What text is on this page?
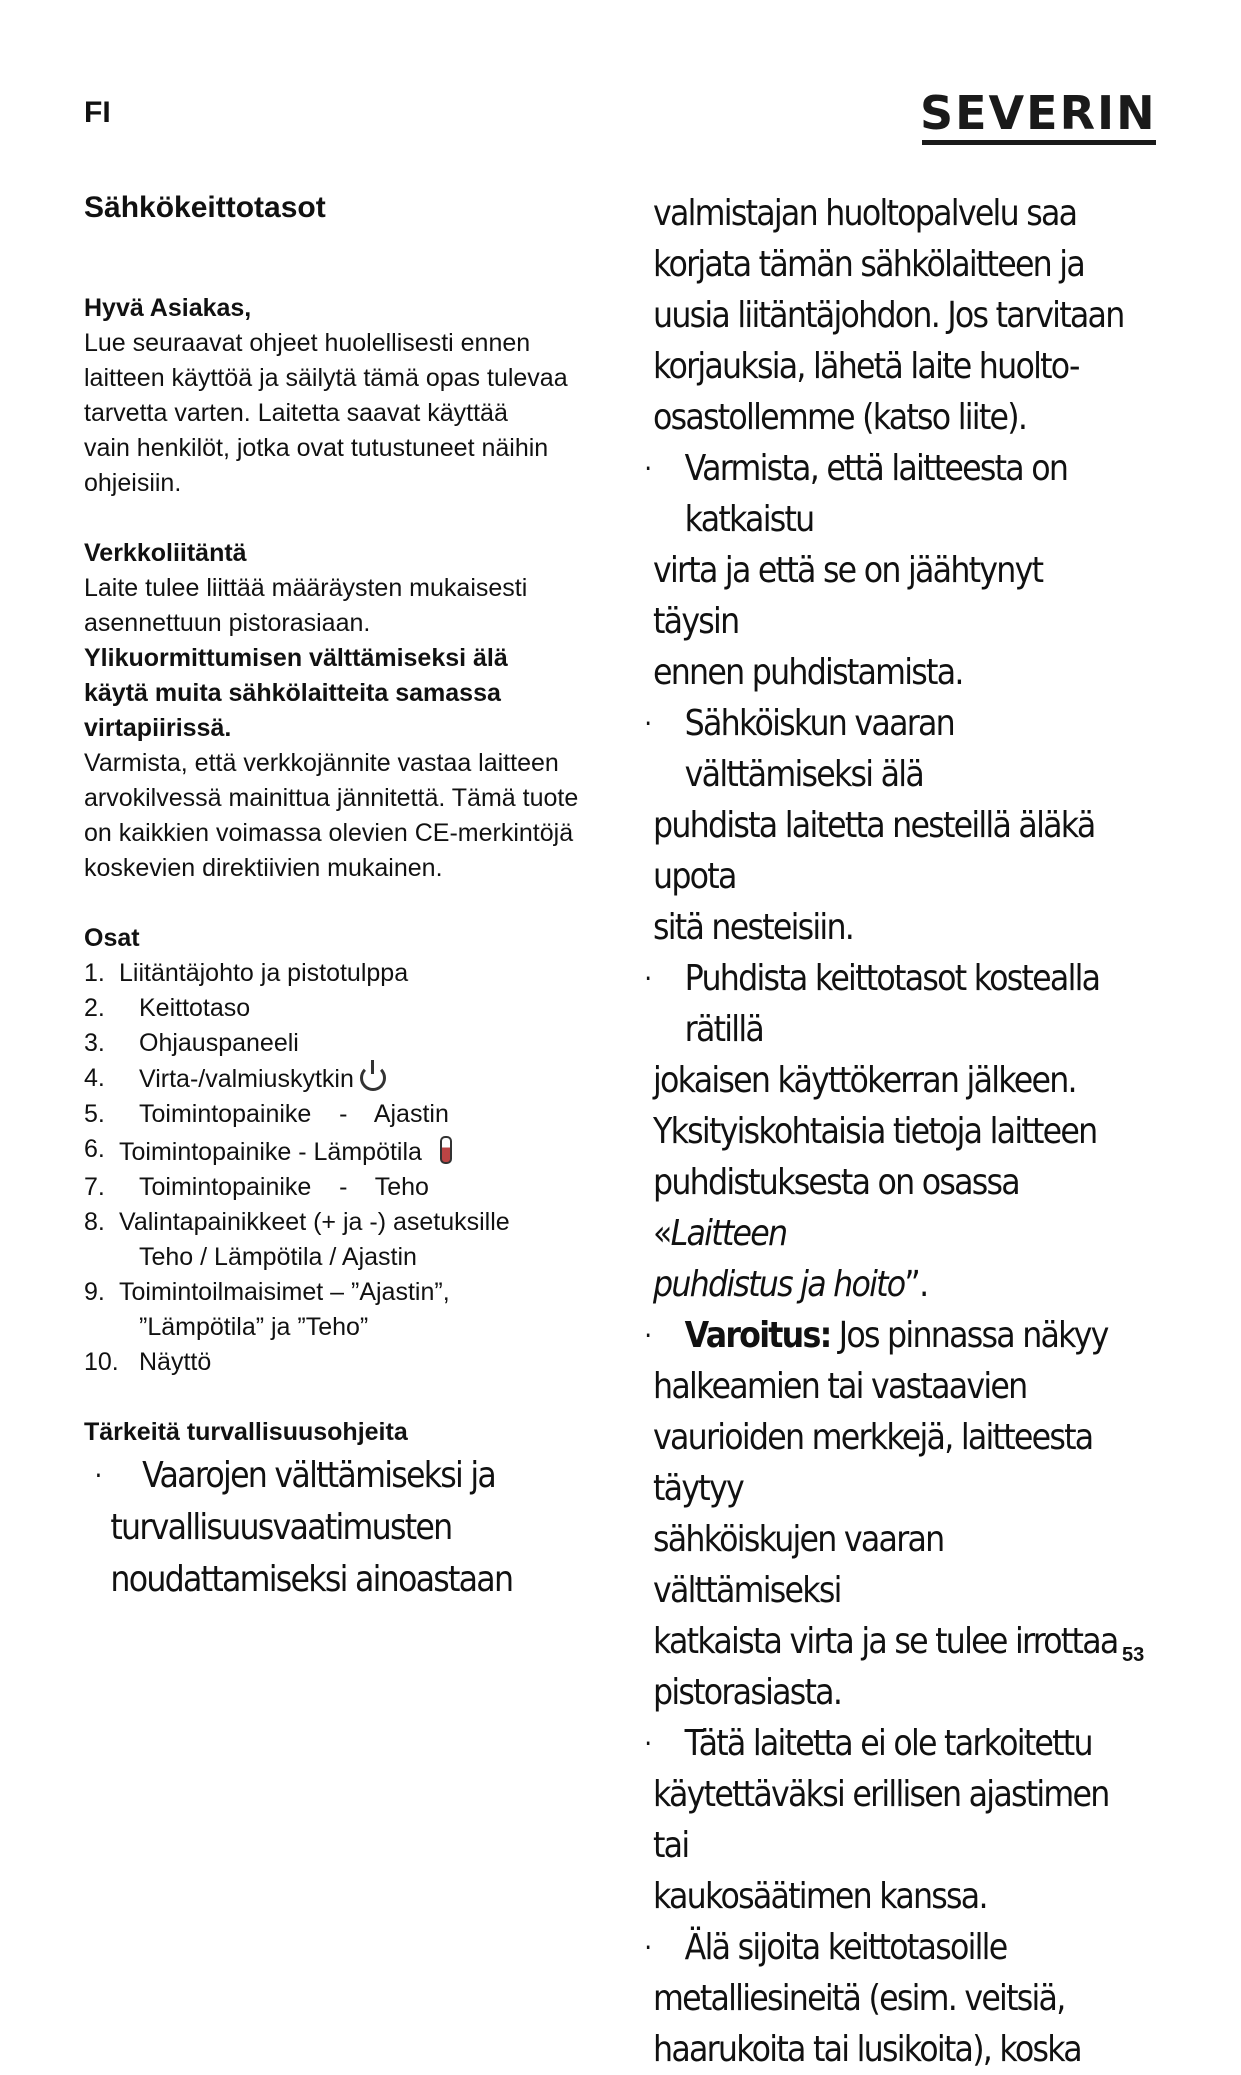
FI	SEVERIN
Sähkökeittotasot
Hyvä Asiakas,

Lue seuraavat ohjeet huolellisesti ennen

laitteen käyttöä ja säilytä tämä opas tulevaa

tarvetta varten. Laitetta saavat käyttää

vain henkilöt, jotka ovat tutustuneet näihin

ohjeisiin.

Verkkoliitäntä

Laite tulee liittää määräysten mukaisesti

asennettuun pistorasiaan.

Ylikuormittumisen välttämiseksi älä

käytä muita sähkölaitteita samassa

virtapiirissä.

Varmista, että verkkojännite vastaa laitteen

arvokilvessä mainittua jännitettä. Tämä tuote

on kaikkien voimassa olevien CE-merkintöjä

koskevien direktiivien mukainen.

Osat
1. Liitäntäjohto ja pistotulppa
2. Keittotaso
3. Ohjauspaneeli
4. Virta-/valmiuskytkin
5. Toimintopainike    -    Ajastin
6. Toimintopainike - Lämpötila
7. Toimintopainike    -    Teho
8. Valintapainikkeet (+ ja -) asetuksille
Teho / Lämpötila / Ajastin
9. Toimintoilmaisimet – ”Ajastin”,
”Lämpötila” ja ”Teho”
10. Näyttö
Tärkeitä turvallisuusohjeita
·	Vaarojen välttämiseksi ja
turvallisuusvaatimusten
noudattamiseksi ainoastaan

valmistajan huoltopalvelu saa

korjata tämän sähkölaitteen ja

uusia liitäntäjohdon. Jos tarvitaan

korjauksia, lähetä laite huolto-

osastollemme (katso liite).

· Varmista, että laitteesta on katkaistu

virta ja että se on jäähtynyt täysin

ennen puhdistamista.

· Sähköiskun vaaran välttämiseksi älä

puhdista laitetta nesteillä äläkä upota

sitä nesteisiin.

· Puhdista keittotasot kostealla rätillä

jokaisen käyttökerran jälkeen.

Yksityiskohtaisia tietoja laitteen

puhdistuksesta on osassa «Laitteen

puhdistus ja hoito”.

· Varoitus: Jos pinnassa näkyy

halkeamien tai vastaavien

vaurioiden merkkejä, laitteesta täytyy

sähköiskujen vaaran välttämiseksi

katkaista virta ja se tulee irrottaa

pistorasiasta.

· Tätä laitetta ei ole tarkoitettu

käytettäväksi erillisen ajastimen tai

kaukosäätimen kanssa.

· Älä sijoita keittotasoille

metalliesineitä (esim. veitsiä,

haarukoita tai lusikoita), koska

53
